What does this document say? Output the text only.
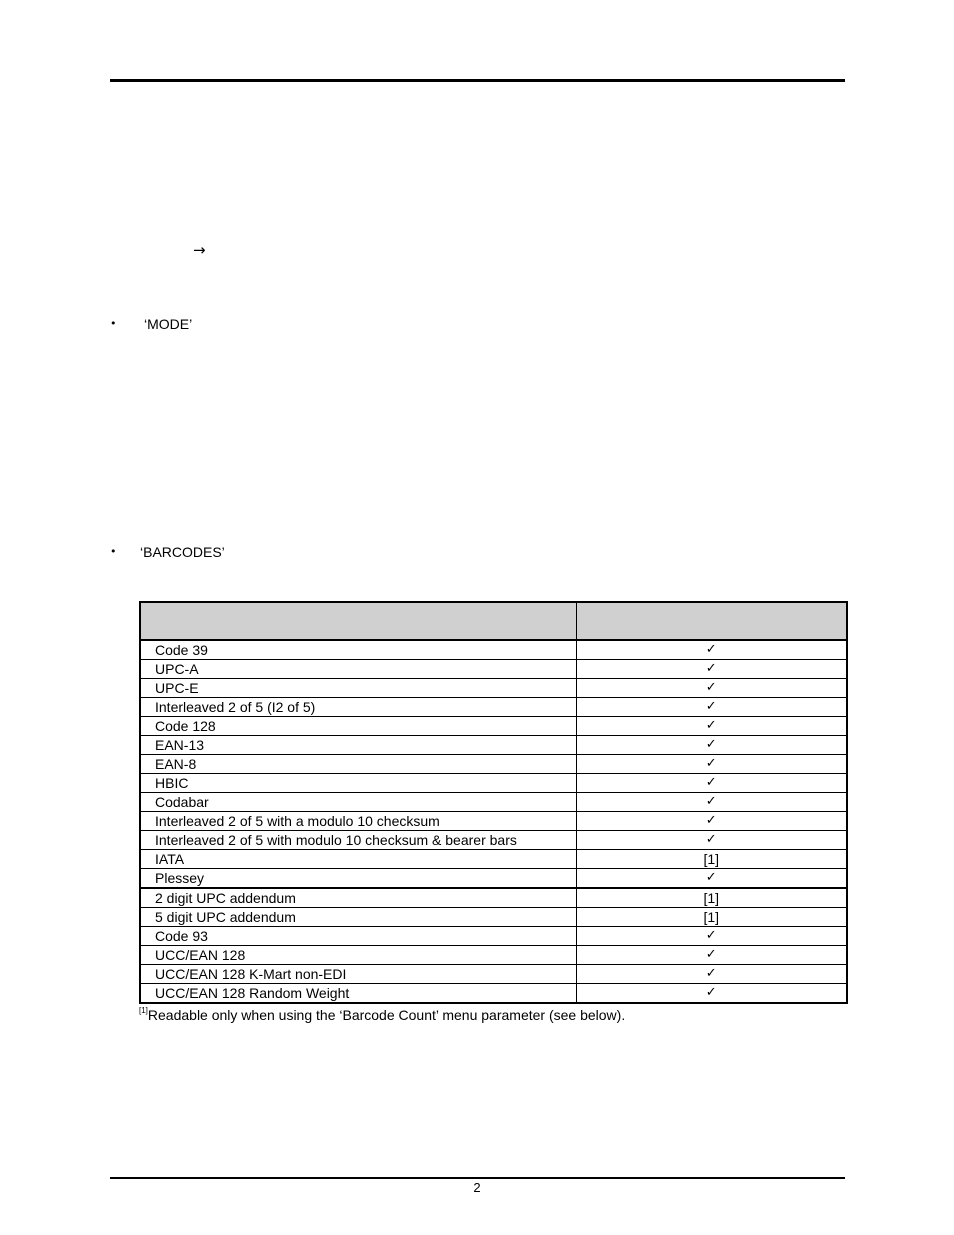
→
• ‘MODE’
• ‘BARCODES’

Code 39	✓
UPC-A	✓
UPC-E	✓
Interleaved 2 of 5 (I2 of 5)	✓
Code 128	✓
EAN-13	✓
EAN-8	✓
HBIC	✓
Codabar	✓
Interleaved 2 of 5 with a modulo 10 checksum	✓
Interleaved 2 of 5 with modulo 10 checksum & bearer bars	✓
IATA	[1]
Plessey	✓
2 digit UPC addendum	[1]
5 digit UPC addendum	[1]
Code 93	✓
UCC/EAN 128	✓
UCC/EAN 128 K-Mart non-EDI	✓
UCC/EAN 128 Random Weight	✓
[1]Readable only when using the ‘Barcode Count’ menu parameter (see below).
2
